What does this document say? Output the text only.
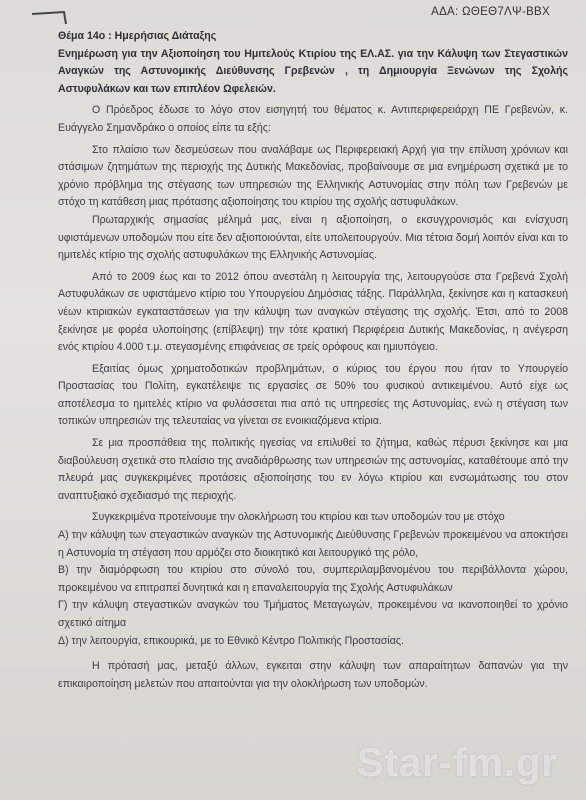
ΑΔΑ: ΩΘΕΘ7ΛΨ-ΒΒΧ

Θέμα 14ο : Ημερήσιας Διάταξης

Ενημέρωση για την Αξιοποίηση του Ημιτελούς Κτιρίου της ΕΛ.ΑΣ. για την Κάλυψη των Στεγαστικών Αναγκών της Αστυνομικής Διεύθυνσης Γρεβενών , τη Δημιουργία Ξενώνων της Σχολής Αστυφυλάκων και των επιπλέον Ωφελειών.

Ο Πρόεδρος έδωσε το λόγο στον εισηγητή του θέματος κ. Αντιπεριφερειάρχη ΠΕ Γρεβενών, κ. Ευάγγελο Σημανδράκο ο οποίος είπε τα εξής:

Στο πλαίσιο των δεσμεύσεων που αναλάβαμε ως Περιφερειακή Αρχή για την επίλυση χρόνιων και στάσιμων ζητημάτων της περιοχής της Δυτικής Μακεδονίας, προβαίνουμε σε μια ενημέρωση σχετικά με το χρόνιο πρόβλημα της στέγασης των υπηρεσιών της Ελληνικής Αστυνομίας στην πόλη των Γρεβενών με στόχο τη κατάθεση μιας πρότασης αξιοποίησης του κτιρίου της σχολής αστυφυλάκων.

Πρωταρχικής σημασίας μέλημά μας, είναι η αξιοποίηση, ο εκσυγχρονισμός και ενίσχυση υφιστάμενων υποδομών που είτε δεν αξιοποιούνται, είτε υπολειτουργούν. Μια τέτοια δομή λοιπόν είναι και το ημιτελές κτίριο της σχολής αστυφυλάκων της Ελληνικής Αστυνομίας.

Από το 2009 έως και το 2012 όπου ανεστάλη η λειτουργία της, λειτουργούσε στα Γρεβενά Σχολή Αστυφυλάκων σε υφιστάμενο κτίριο του Υπουργείου Δημόσιας τάξης. Παράλληλα, ξεκίνησε και η κατασκευή νέων κτιριακών εγκαταστάσεων για την κάλυψη των αναγκών στέγασης της σχολής. Έτσι, από το 2008 ξεκίνησε με φορέα υλοποίησης (επίβλεψη) την τότε κρατική Περιφέρεια Δυτικής Μακεδονίας, η ανέγερση ενός κτιρίου 4.000 τ.μ. στεγασμένης επιφάνειας σε τρείς ορόφους και ημιυπόγειο.

Εξαιτίας όμως χρηματοδοτικών προβλημάτων, ο κύριος του έργου που ήταν το Υπουργείο Προστασίας του Πολίτη, εγκατέλειψε τις εργασίες σε 50% του φυσικού αντικειμένου. Αυτό είχε ως αποτέλεσμα το ημιτελές κτίριο να φυλάσσεται πια από τις υπηρεσίες της Αστυνομίας, ενώ η στέγαση των τοπικών υπηρεσιών της τελευταίας να γίνεται σε ενοικιαζόμενα κτίρια.

Σε μια προσπάθεια της πολιτικής ηγεσίας να επιλυθεί το ζήτημα, καθώς πέρυσι ξεκίνησε και μια διαβούλευση σχετικά στο πλαίσιο της αναδιάρθρωσης των υπηρεσιών της αστυνομίας, καταθέτουμε από την πλευρά μας συγκεκριμένες προτάσεις αξιοποίησης του εν λόγω κτιρίου και ενσωμάτωσης του στον αναπτυξιακό σχεδιασμό της περιοχής.

Συγκεκριμένα προτείνουμε την ολοκλήρωση του κτιρίου και των υποδομών του με στόχο

Α) την κάλυψη των στεγαστικών αναγκών της Αστυνομικής Διεύθυνσης Γρεβενών προκειμένου να αποκτήσει η Αστυνομία τη στέγαση που αρμόζει στο διοικητικό και λειτουργικό της ρόλο,

Β) την διαμόρφωση του κτιρίου στο σύνολό του, συμπεριλαμβανομένου του περιβάλλοντα χώρου, προκειμένου να επιτραπεί δυνητικά και η επαναλειτουργία της Σχολής Αστυφυλάκων

Γ) την κάλυψη στεγαστικών αναγκών του Τμήματος Μεταγωγών, προκειμένου να ικανοποιηθεί το χρόνιο σχετικό αίτημα

Δ) την λειτουργία, επικουρικά, με το Εθνικό Κέντρο Πολιτικής Προστασίας.

Η πρότασή μας, μεταξύ άλλων, εγκειται στην κάλυψη των απαραίτητων δαπανών για την επικαιροποίηση μελετών που απαιτούνται για την ολοκλήρωση των υποδομών.

Star-fm.gr
